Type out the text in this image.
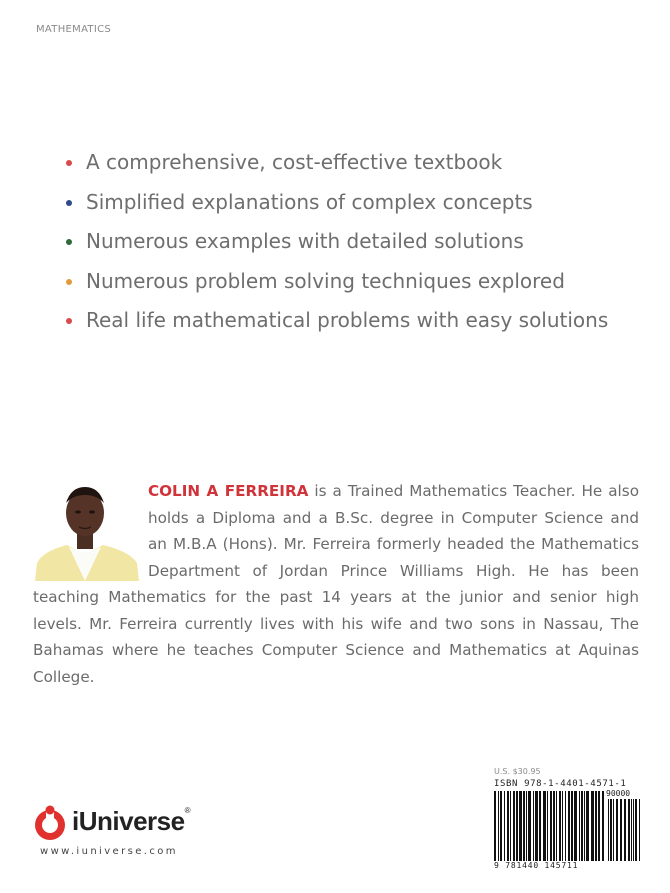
MATHEMATICS
A comprehensive, cost-effective textbook
Simplified explanations of complex concepts
Numerous examples with detailed solutions
Numerous problem solving techniques explored
Real life mathematical problems with easy solutions
COLIN A FERREIRA is a Trained Mathematics Teacher. He also holds a Diploma and a B.Sc. degree in Computer Science and an M.B.A (Hons). Mr. Ferreira formerly headed the Mathematics Department of Jordan Prince Williams High. He has been teaching Mathematics for the past 14 years at the junior and senior high levels. Mr. Ferreira currently lives with his wife and two sons in Nassau, The Bahamas where he teaches Computer Science and Mathematics at Aquinas College.
U.S. $30.95
ISBN 978-1-4401-4571-1
90000
9 781440 145711
iUniverse®
www.iuniverse.com
